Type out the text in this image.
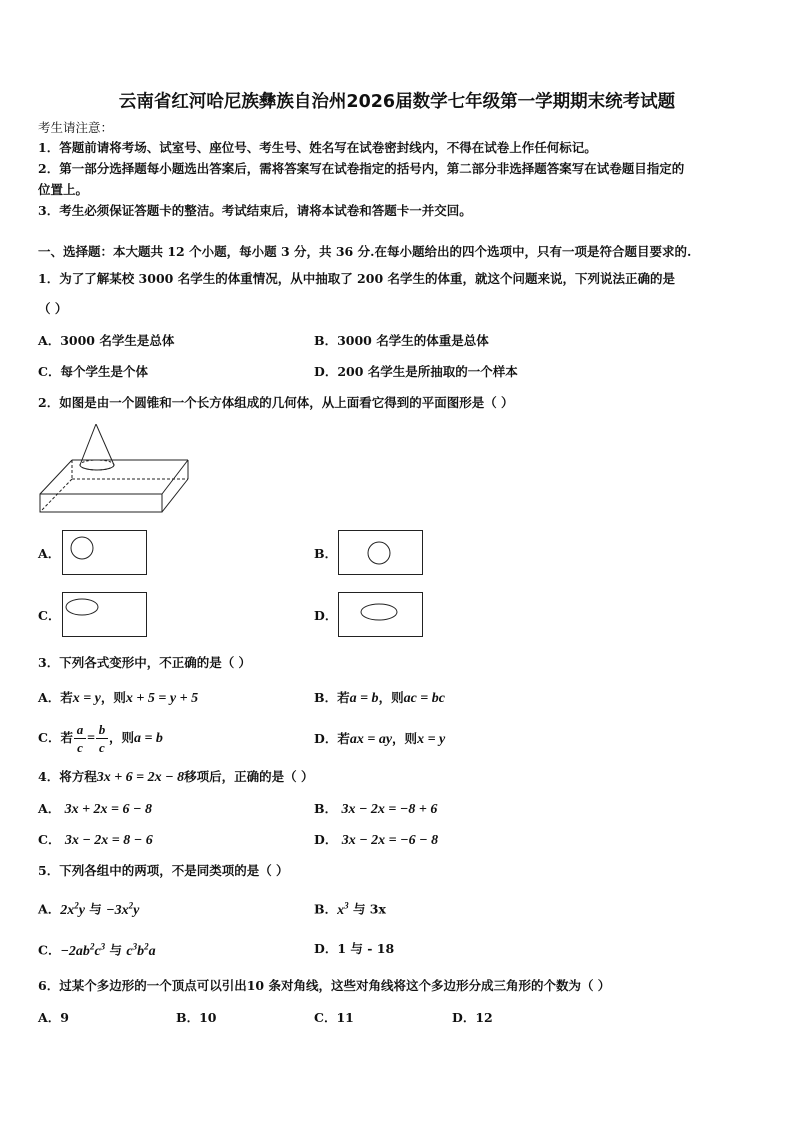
云南省红河哈尼族彝族自治州2026届数学七年级第一学期期末统考试题
考生请注意：
1．答题前请将考场、试室号、座位号、考生号、姓名写在试卷密封线内，不得在试卷上作任何标记。
2．第一部分选择题每小题选出答案后，需将答案写在试卷指定的括号内，第二部分非选择题答案写在试卷题目指定的
位置上。
3．考生必须保证答题卡的整洁。考试结束后，请将本试卷和答题卡一并交回。
一、选择题：本大题共 12 个小题，每小题 3 分，共 36 分.在每小题给出的四个选项中，只有一项是符合题目要求的.
1．为了了解某校 3000 名学生的体重情况，从中抽取了 200 名学生的体重，就这个问题来说，下列说法正确的是
（ ）
A．3000 名学生是总体	B．3000 名学生的体重是总体
C．每个学生是个体	D．200 名学生是所抽取的一个样本
2．如图是由一个圆锥和一个长方体组成的几何体，从上面看它得到的平面图形是（ ）
A．	B．
C．	D．
3．下列各式变形中，不正确的是（ ）
A．若x = y，则x + 5 = y + 5	B．若a = b，则ac = bc
C．若 $\frac{a}{c} = \frac{b}{c}$ ，则a = b	D．若ax = ay，则x = y
4．将方程3x + 6 = 2x − 8移项后，正确的是（ ）
A． 3x + 2x = 6 − 8	B． 3x − 2x = −8 + 6
C． 3x − 2x = 8 − 6	D． 3x − 2x = −6 − 8
5．下列各组中的两项，不是同类项的是（ ）
A．$2x^2y$ 与 $-3x^2y$	B．$x^3$ 与 3x
C．$-2ab^2c^3$ 与 $c^3b^2a$	D．1 与 - 18
6．过某个多边形的一个顶点可以引出10 条对角线，这些对角线将这个多边形分成三角形的个数为（ ）
A．9	B．10	C．11	D．12
